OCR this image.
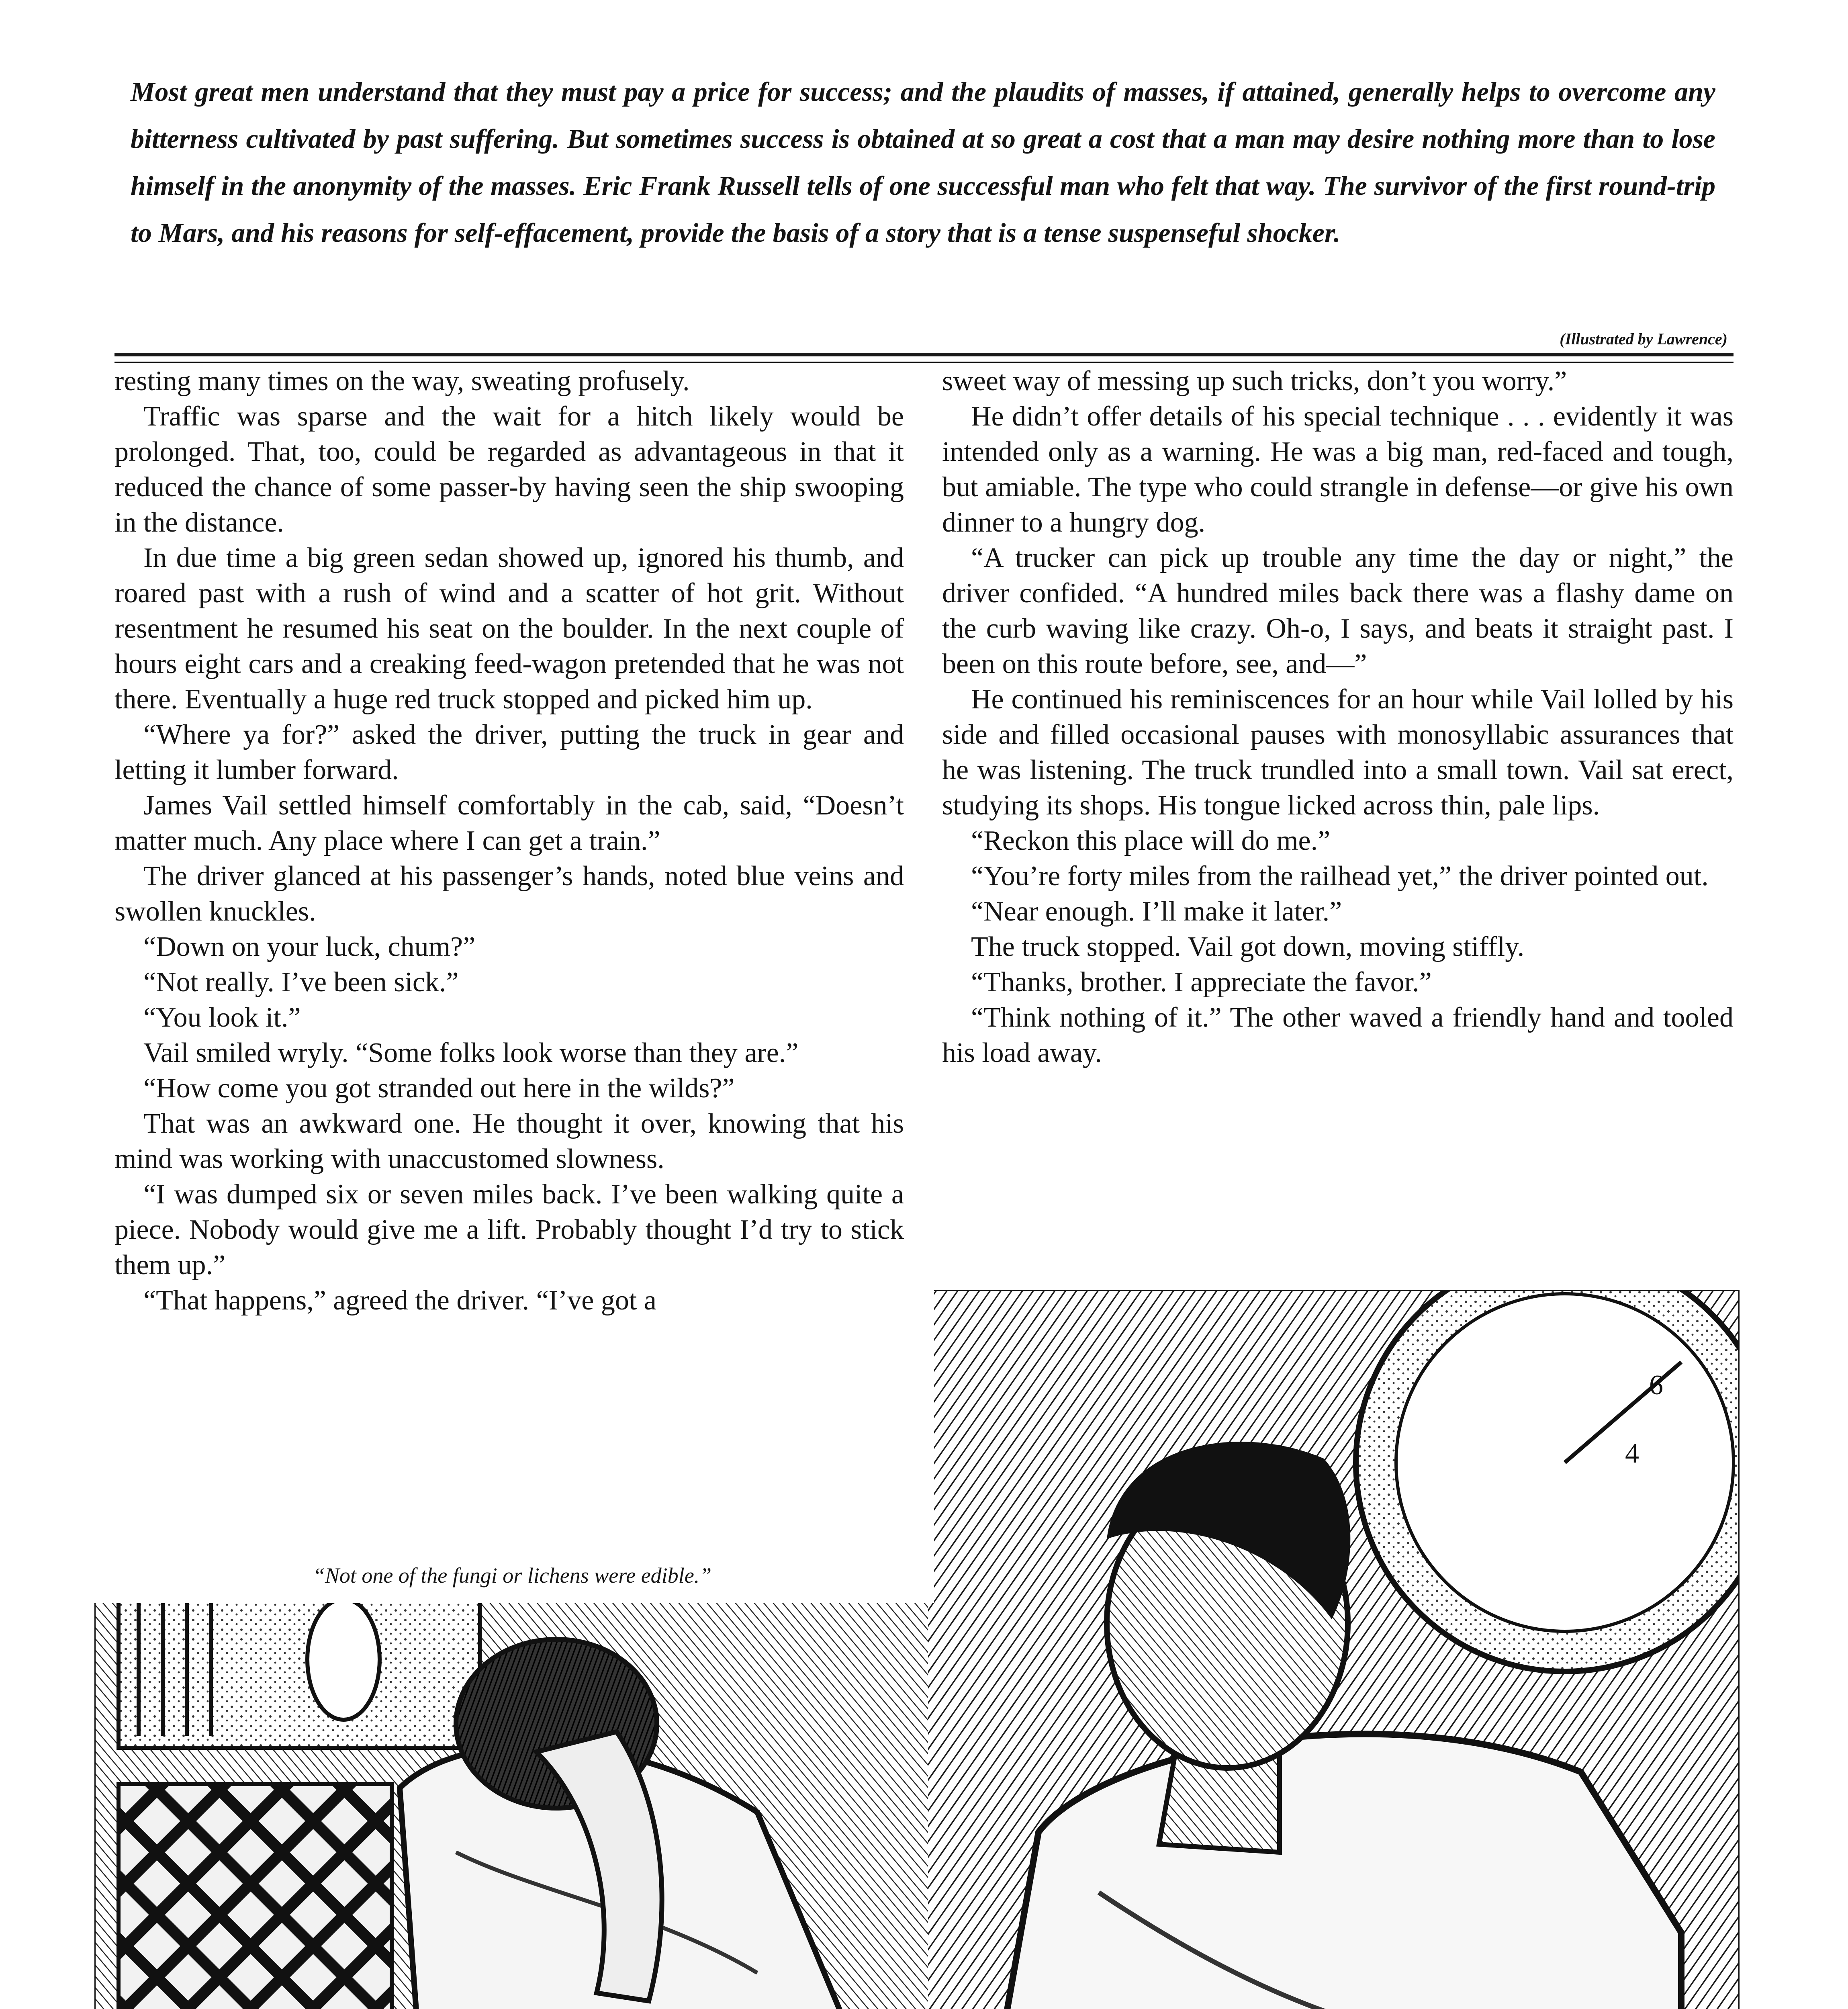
Most great men understand that they must pay a price for success; and the plaudits of masses, if attained, generally helps to overcome any bitterness cultivated by past suffering. But sometimes success is obtained at so great a cost that a man may desire nothing more than to lose himself in the anonymity of the masses. Eric Frank Russell tells of one successful man who felt that way. The survivor of the first round-trip to Mars, and his reasons for self-effacement, provide the basis of a story that is a tense suspenseful shocker.
(Illustrated by Lawrence)

resting many times on the way, sweating profusely.

Traffic was sparse and the wait for a hitch likely would be prolonged. That, too, could be regarded as advantageous in that it reduced the chance of some passer-by having seen the ship swooping in the distance.

In due time a big green sedan showed up, ignored his thumb, and roared past with a rush of wind and a scatter of hot grit. Without resentment he resumed his seat on the boulder. In the next couple of hours eight cars and a creaking feed-wagon pretended that he was not there. Eventually a huge red truck stopped and picked him up.

“Where ya for?” asked the driver, putting the truck in gear and letting it lumber forward.

James Vail settled himself comfortably in the cab, said, “Doesn’t matter much. Any place where I can get a train.”

The driver glanced at his passenger’s hands, noted blue veins and swollen knuckles.

“Down on your luck, chum?”

“Not really. I’ve been sick.”

“You look it.”

Vail smiled wryly. “Some folks look worse than they are.”

“How come you got stranded out here in the wilds?”

That was an awkward one. He thought it over, knowing that his mind was working with unaccustomed slowness.

“I was dumped six or seven miles back. I’ve been walking quite a piece. Nobody would give me a lift. Probably thought I’d try to stick them up.”

“That happens,” agreed the driver. “I’ve got a

sweet way of messing up such tricks, don’t you worry.”

He didn’t offer details of his special technique . . . evidently it was intended only as a warning. He was a big man, red-faced and tough, but amiable. The type who could strangle in defense—or give his own dinner to a hungry dog.

“A trucker can pick up trouble any time the day or night,” the driver confided. “A hundred miles back there was a flashy dame on the curb waving like crazy. Oh-o, I says, and beats it straight past. I been on this route before, see, and—”

He continued his reminiscences for an hour while Vail lolled by his side and filled occasional pauses with monosyllabic assurances that he was listening. The truck trundled into a small town. Vail sat erect, studying its shops. His tongue licked across thin, pale lips.

“Reckon this place will do me.”

“You’re forty miles from the railhead yet,” the driver pointed out.

“Near enough. I’ll make it later.”

The truck stopped. Vail got down, moving stiffly.

“Thanks, brother. I appreciate the favor.”

“Think nothing of it.” The other waved a friendly hand and tooled his load away.

6
4
“Not one of the fungi or lichens were edible.”
